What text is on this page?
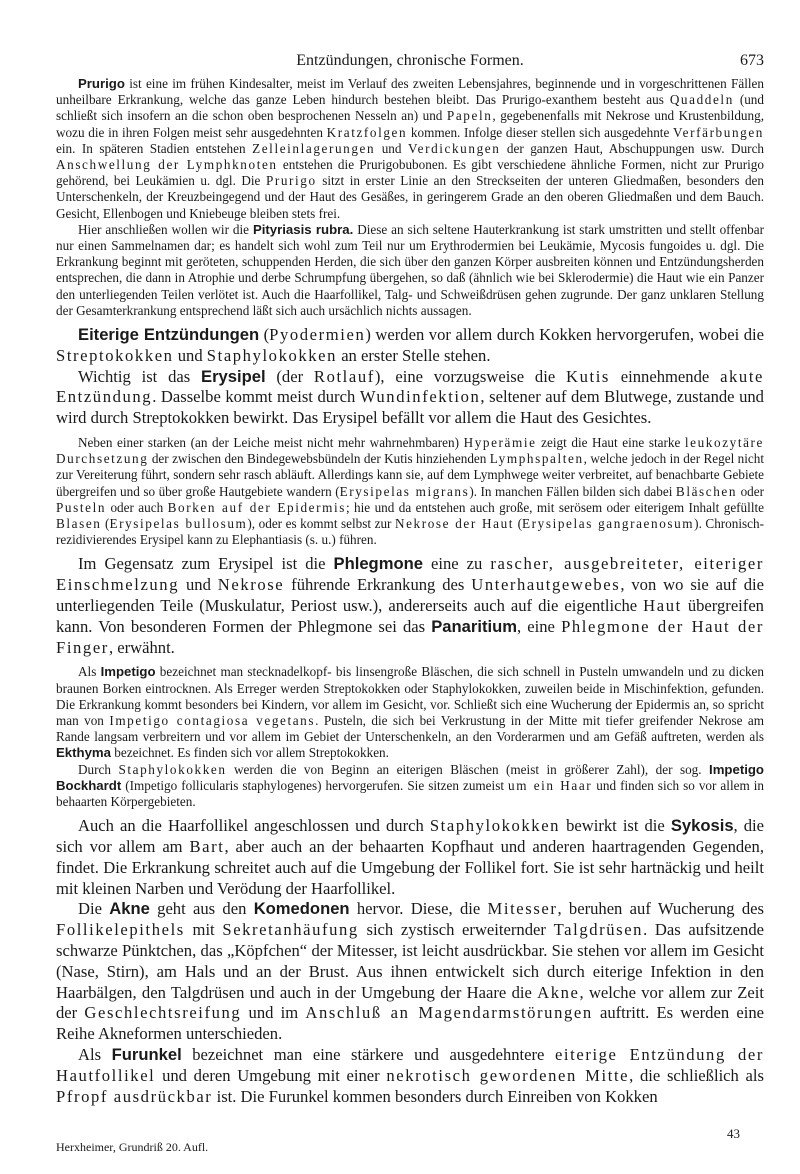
Entzündungen, chronische Formen.	673

Prurigo ist eine im frühen Kindesalter, meist im Verlauf des zweiten Lebensjahres, beginnende und in vorgeschrittenen Fällen unheilbare Erkrankung, welche das ganze Leben hindurch bestehen bleibt. Das Prurigo-exanthem besteht aus Quaddeln (und schließt sich insofern an die schon oben besprochenen Nesseln an) und Papeln, gegebenenfalls mit Nekrose und Krustenbildung, wozu die in ihren Folgen meist sehr ausgedehnten Kratzfolgen kommen. Infolge dieser stellen sich ausgedehnte Verfärbungen ein. In späteren Stadien entstehen Zelleinlagerungen und Verdickungen der ganzen Haut, Abschuppungen usw. Durch Anschwellung der Lymphknoten entstehen die Prurigobubonen. Es gibt verschiedene ähnliche Formen, nicht zur Prurigo gehörend, bei Leukämien u. dgl. Die Prurigo sitzt in erster Linie an den Streckseiten der unteren Gliedmaßen, besonders den Unterschenkeln, der Kreuzbeingegend und der Haut des Gesäßes, in geringerem Grade an den oberen Gliedmaßen und dem Bauch. Gesicht, Ellenbogen und Kniebeuge bleiben stets frei.

Hier anschließen wollen wir die Pityriasis rubra. Diese an sich seltene Hauterkrankung ist stark umstritten und stellt offenbar nur einen Sammelnamen dar; es handelt sich wohl zum Teil nur um Erythrodermien bei Leukämie, Mycosis fungoides u. dgl. Die Erkrankung beginnt mit geröteten, schuppenden Herden, die sich über den ganzen Körper ausbreiten können und Entzündungsherden entsprechen, die dann in Atrophie und derbe Schrumpfung übergehen, so daß (ähnlich wie bei Sklerodermie) die Haut wie ein Panzer den unterliegenden Teilen verlötet ist. Auch die Haarfollikel, Talg- und Schweißdrüsen gehen zugrunde. Der ganz unklaren Stellung der Gesamterkrankung entsprechend läßt sich auch ursächlich nichts aussagen.

Eiterige Entzündungen (Pyodermien) werden vor allem durch Kokken hervorgerufen, wobei die Streptokokken und Staphylokokken an erster Stelle stehen.

Wichtig ist das Erysipel (der Rotlauf), eine vorzugsweise die Kutis einnehmende akute Entzündung. Dasselbe kommt meist durch Wundinfektion, seltener auf dem Blutwege, zustande und wird durch Streptokokken bewirkt. Das Erysipel befällt vor allem die Haut des Gesichtes.

Neben einer starken (an der Leiche meist nicht mehr wahrnehmbaren) Hyperämie zeigt die Haut eine starke leukozytäre Durchsetzung der zwischen den Bindegewebsbündeln der Kutis hinziehenden Lymphspalten, welche jedoch in der Regel nicht zur Vereiterung führt, sondern sehr rasch abläuft. Allerdings kann sie, auf dem Lymphwege weiter verbreitet, auf benachbarte Gebiete übergreifen und so über große Hautgebiete wandern (Erysipelas migrans). In manchen Fällen bilden sich dabei Bläschen oder Pusteln oder auch Borken auf der Epidermis; hie und da entstehen auch große, mit serösem oder eiterigem Inhalt gefüllte Blasen (Erysipelas bullosum), oder es kommt selbst zur Nekrose der Haut (Erysipelas gangraenosum). Chronisch-rezidivierendes Erysipel kann zu Elephantiasis (s. u.) führen.

Im Gegensatz zum Erysipel ist die Phlegmone eine zu rascher, ausgebreiteter, eiteriger Einschmelzung und Nekrose führende Erkrankung des Unterhautgewebes, von wo sie auf die unterliegenden Teile (Muskulatur, Periost usw.), andererseits auch auf die eigentliche Haut übergreifen kann. Von besonderen Formen der Phlegmone sei das Panaritium, eine Phlegmone der Haut der Finger, erwähnt.

Als Impetigo bezeichnet man stecknadelkopf- bis linsengroße Bläschen, die sich schnell in Pusteln umwandeln und zu dicken braunen Borken eintrocknen. Als Erreger werden Streptokokken oder Staphylokokken, zuweilen beide in Mischinfektion, gefunden. Die Erkrankung kommt besonders bei Kindern, vor allem im Gesicht, vor. Schließt sich eine Wucherung der Epidermis an, so spricht man von Impetigo contagiosa vegetans. Pusteln, die sich bei Verkrustung in der Mitte mit tiefer greifender Nekrose am Rande langsam verbreitern und vor allem im Gebiet der Unterschenkeln, an den Vorderarmen und am Gefäß auftreten, werden als Ekthyma bezeichnet. Es finden sich vor allem Streptokokken.

Durch Staphylokokken werden die von Beginn an eiterigen Bläschen (meist in größerer Zahl), der sog. Impetigo Bockhardt (Impetigo follicularis staphylogenes) hervorgerufen. Sie sitzen zumeist um ein Haar und finden sich so vor allem in behaarten Körpergebieten.

Auch an die Haarfollikel angeschlossen und durch Staphylokokken bewirkt ist die Sykosis, die sich vor allem am Bart, aber auch an der behaarten Kopfhaut und anderen haartragenden Gegenden, findet. Die Erkrankung schreitet auch auf die Umgebung der Follikel fort. Sie ist sehr hartnäckig und heilt mit kleinen Narben und Verödung der Haarfollikel.

Die Akne geht aus den Komedonen hervor. Diese, die Mitesser, beruhen auf Wucherung des Follikelepithels mit Sekretanhäufung sich zystisch erweiternder Talgdrüsen. Das aufsitzende schwarze Pünktchen, das „Köpfchen“ der Mitesser, ist leicht ausdrückbar. Sie stehen vor allem im Gesicht (Nase, Stirn), am Hals und an der Brust. Aus ihnen entwickelt sich durch eiterige Infektion in den Haarbälgen, den Talgdrüsen und auch in der Umgebung der Haare die Akne, welche vor allem zur Zeit der Geschlechtsreifung und im Anschluß an Magendarmstörungen auftritt. Es werden eine Reihe Akneformen unterschieden.

Als Furunkel bezeichnet man eine stärkere und ausgedehntere eiterige Entzündung der Hautfollikel und deren Umgebung mit einer nekrotisch gewordenen Mitte, die schließlich als Pfropf ausdrückbar ist. Die Furunkel kommen besonders durch Einreiben von Kokken

43
Herxheimer, Grundriß 20. Aufl.
